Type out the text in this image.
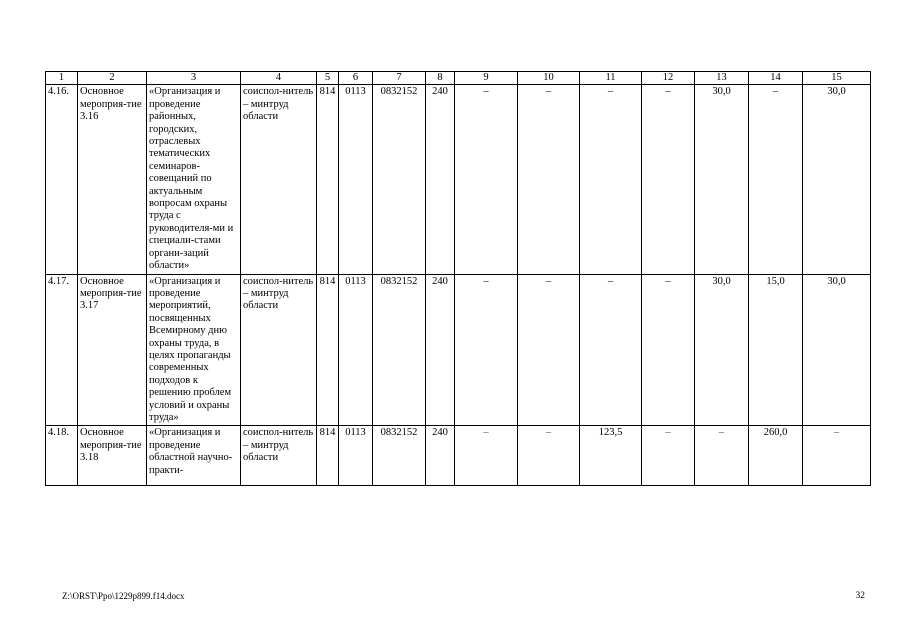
1	2	3	4	5	6	7	8	9	10	11	12	13	14	15
4.16.	Основное мероприя-тие 3.16	«Организация и проведение районных, городских, отраслевых тематических семинаров-совещаний по актуальным вопросам охраны труда с руководителя-ми и специали-стами органи-заций области»	соиспол-нитель – минтруд области	814	0113	0832152	240	–	–	–	–	30,0	–	30,0
4.17.	Основное мероприя-тие 3.17	«Организация и проведение мероприятий, посвященных Всемирному дню охраны труда, в целях пропаганды современных подходов к решению проблем условий и охраны труда»	соиспол-нитель – минтруд области	814	0113	0832152	240	–	–	–	–	30,0	15,0	30,0
4.18.	Основное мероприя-тие 3.18	«Организация и проведение областной научно-практи-	соиспол-нитель – минтруд области	814	0113	0832152	240	–	–	123,5	–	–	260,0	–
Z:\ORST\Ppo\1229p899.f14.docx	32
